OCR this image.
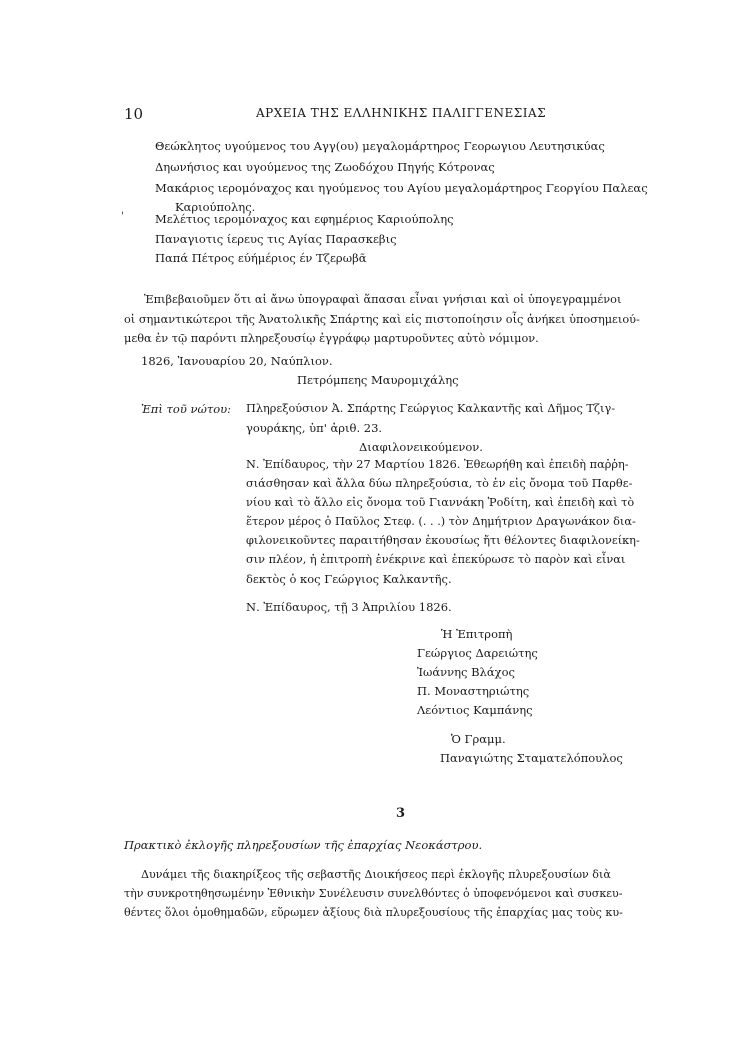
10	ΑΡΧΕΙΑ ΤΗΣ ΕΛΛΗΝΙΚΗΣ ΠΑΛΙΓΓΕΝΕΣΙΑΣ
Θεώκλητος υγούμενος του Αγγ(ου) μεγαλομάρτηρος Γεορωγιου Λευτησικύας
Δηωνήσιος και υγούμενος της Ζωοδόχου Πηγής Κότρονας
Μακάριος ιερομόναχος και ηγούμενος του Αγίου μεγαλομάρτηρος Γεοργίου Παλεας
Καριούπολης.
'	Μελέτιος ιερομόναχος και εφημέριος Καριούπολης
Παναγιοτις ίερευς τις Αγίας Παρασκεβις
Παπά Πέτρος εύήμέριος έν Τζερωβᾶ
Ἐπιβεβαιοῦμεν ὅτι αἱ ἄνω ὑπογραφαὶ ἅπασαι εἶναι γνήσιαι καὶ οἱ ὑπογεγραμμένοι
οἱ σημαντικώτεροι τῆς Ἀνατολικῆς Σπάρτης καὶ εἰς πιστοποίησιν οἷς ἀνήκει ὑποσημειού-
μεθα ἐν τῷ παρόντι πληρεξουσίῳ ἐγγράφῳ μαρτυροῦντες αὐτὸ νόμιμον.
1826, Ἰανουαρίου 20, Ναύπλιον.
Πετρόμπεης Μαυρομιχάλης
Ἐπὶ τοῦ νώτου: Πληρεξούσιον Ἀ. Σπάρτης Γεώργιος Καλκαντῆς καὶ Δῆμος Τζιγ-
γουράκης, ὑπ' ἀριθ. 23.
Διαφιλονεικούμενον.
Ν. Ἐπίδαυρος, τὴν 27 Μαρτίου 1826. Ἐθεωρήθη καὶ ἐπειδὴ παῤῥη-
σιάσθησαν καὶ ἄλλα δύω πληρεξούσια, τὸ ἐν εἰς ὄνομα τοῦ Παρθε-
νίου καὶ τὸ ἄλλο εἰς ὄνομα τοῦ Γιαννάκη Ῥοδίτη, καὶ ἐπειδὴ καὶ τὸ
ἕτερον μέρος ὁ Παῦλος Στεφ. (. . .) τὸν Δημήτριον Δραγωνάκον δια-
φιλονεικοῦντες παραιτήθησαν ἑκουσίως ἤτι θέλοντες διαφιλονείκη-
σιν πλέον, ἡ ἐπιτροπὴ ἐνέκρινε καὶ ἐπεκύρωσε τὸ παρὸν καὶ εἶναι
δεκτὸς ὁ κος Γεώργιος Καλκαντῆς.
Ν. Ἐπίδαυρος, τῇ 3 Ἀπριλίου 1826.
Ἡ Ἐπιτροπὴ
Γεώργιος Δαρειώτης
Ἰωάννης Βλάχος
Π. Μοναστηριώτης
Λεόντιος Καμπάνης
Ὁ Γραμμ.
Παναγιώτης Σταματελόπουλος
3
Πρακτικὸ ἐκλογῆς πληρεξουσίων τῆς ἐπαρχίας Νεοκάστρου.
Δυνάμει τῆς διακηρίξεος τῆς σεβαστῆς Διοικήσεος περὶ ἐκλογῆς πλυρεξουσίων διὰ
τὴν συνκροτηθησωμένην Ἐθνικὴν Συνέλευσιν συνελθόντες ὁ ὑποφενόμενοι καὶ συσκευ-
θέντες ὅλοι ὁμοθημαδῶν, εὕρωμεν ἀξίους διὰ πλυρεξουσίους τῆς ἐπαρχίας μας τοὺς κυ-
